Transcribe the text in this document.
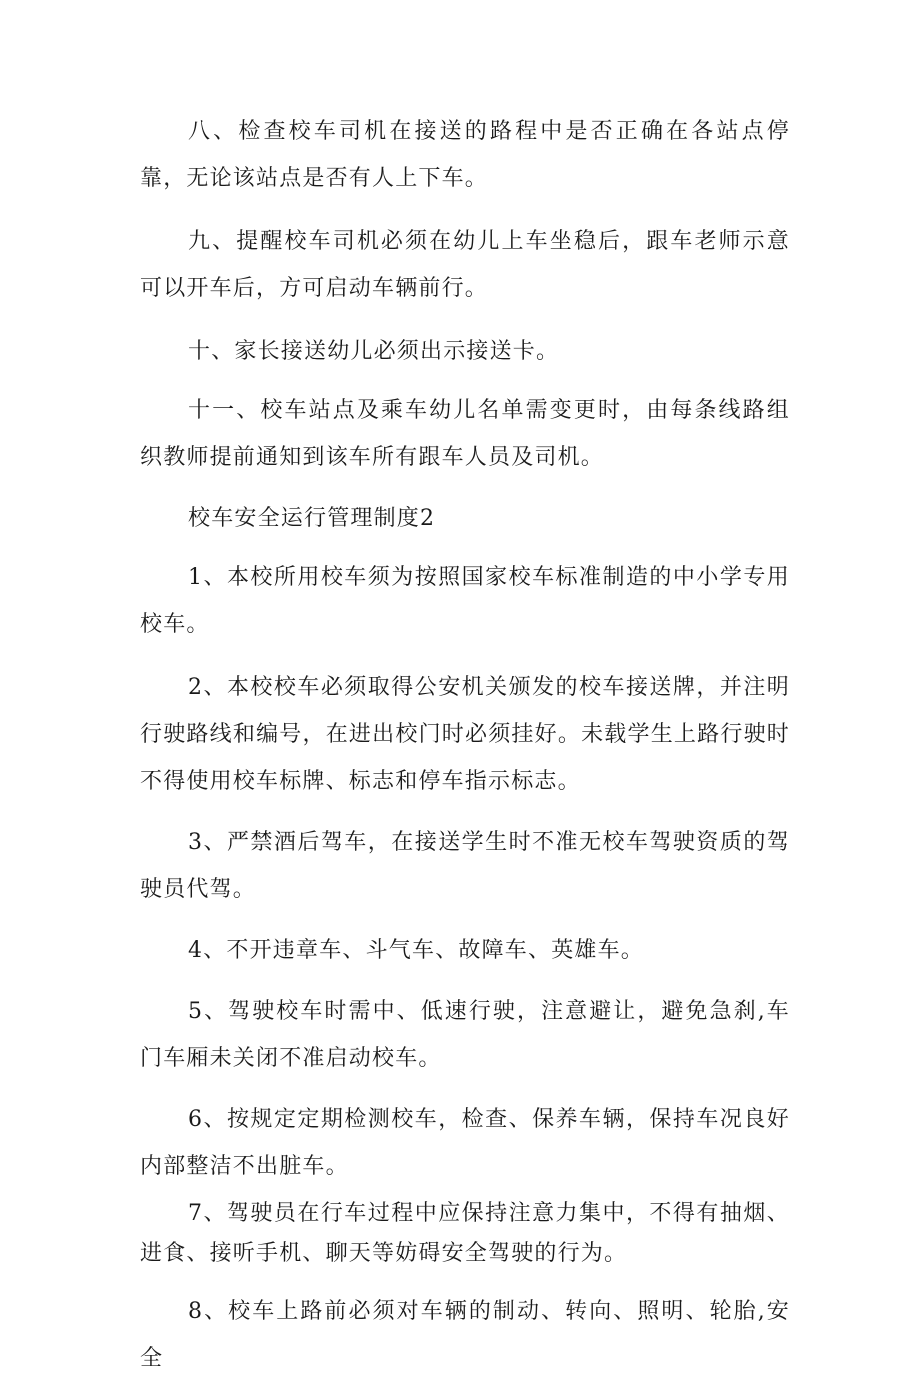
八、检查校车司机在接送的路程中是否正确在各站点停靠，无论该站点是否有人上下车。

九、提醒校车司机必须在幼儿上车坐稳后，跟车老师示意可以开车后，方可启动车辆前行。

十、家长接送幼儿必须出示接送卡。

十一、校车站点及乘车幼儿名单需变更时，由每条线路组织教师提前通知到该车所有跟车人员及司机。

校车安全运行管理制度2

1、本校所用校车须为按照国家校车标准制造的中小学专用校车。

2、本校校车必须取得公安机关颁发的校车接送牌，并注明行驶路线和编号，在进出校门时必须挂好。未载学生上路行驶时不得使用校车标牌、标志和停车指示标志。

3、严禁酒后驾车，在接送学生时不准无校车驾驶资质的驾驶员代驾。

4、不开违章车、斗气车、故障车、英雄车。

5、驾驶校车时需中、低速行驶，注意避让，避免急刹,车门车厢未关闭不准启动校车。

6、按规定定期检测校车，检查、保养车辆，保持车况良好内部整洁不出脏车。

7、驾驶员在行车过程中应保持注意力集中，不得有抽烟、进食、接听手机、聊天等妨碍安全驾驶的行为。

8、校车上路前必须对车辆的制动、转向、照明、轮胎,安全
